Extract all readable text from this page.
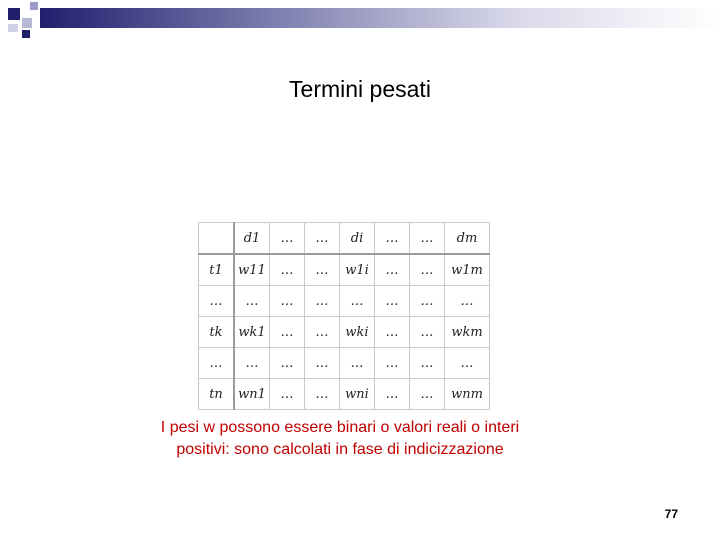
Termini pesati
	d1	…	…	di	…	…	dm
t1	w11	…	…	w1i	…	…	w1m
…	…	…	…	…	…	…	…
tk	wk1	…	…	wki	…	…	wkm
…	…	…	…	…	…	…	…
tn	wn1	…	…	wni	…	…	wnm
I pesi w possono essere binari o valori reali o interi
positivi: sono calcolati in fase di indicizzazione
77
